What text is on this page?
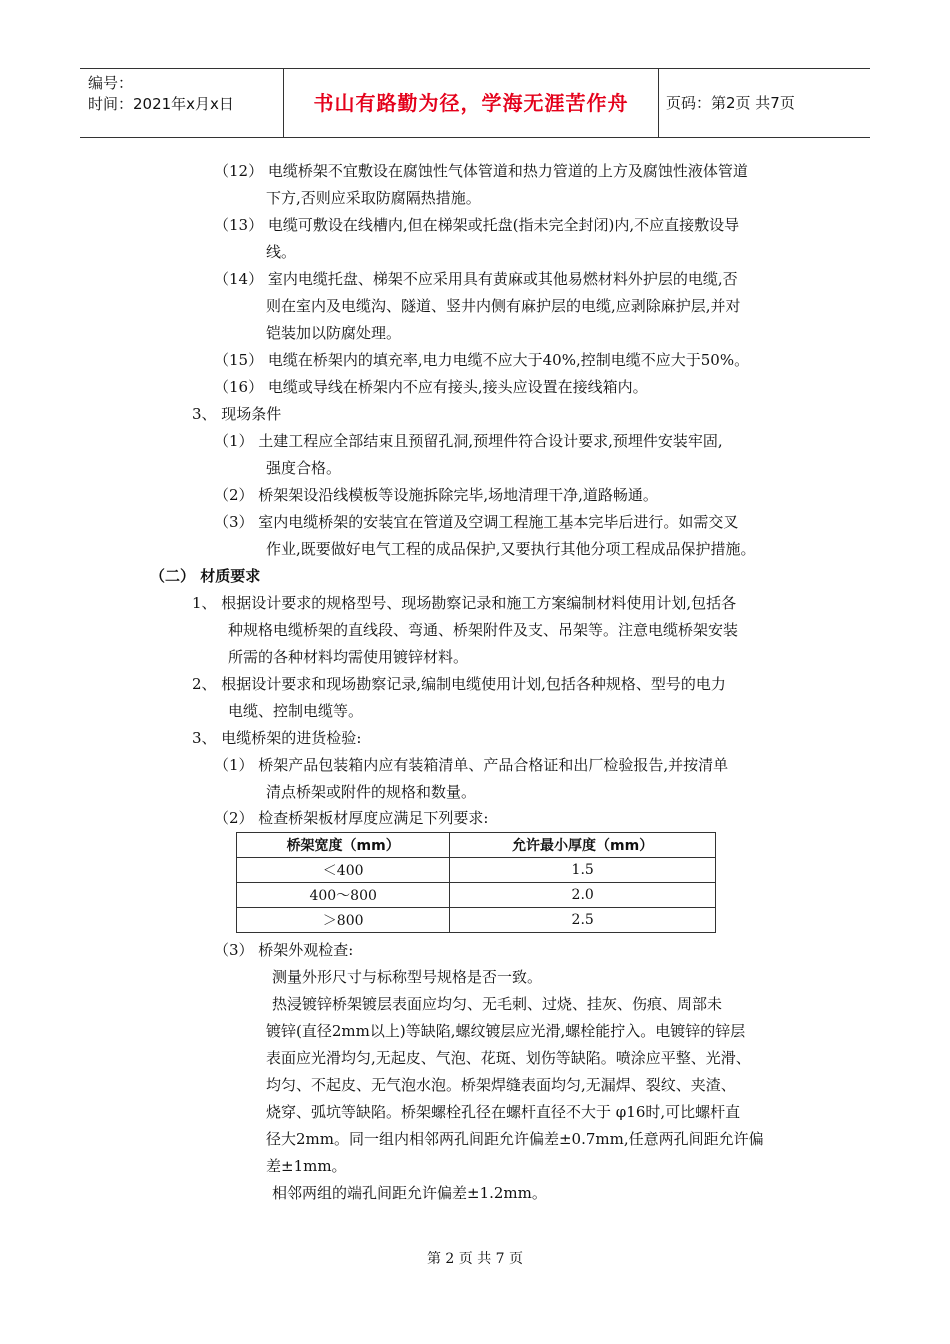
编号：
时间：2021年x月x日	书山有路勤为径，学海无涯苦作舟	页码：第2页 共7页
（12） 电缆桥架不宜敷设在腐蚀性气体管道和热力管道的上方及腐蚀性液体管道
下方,否则应采取防腐隔热措施。
（13） 电缆可敷设在线槽内,但在梯架或托盘(指未完全封闭)内,不应直接敷设导
线。
（14） 室内电缆托盘、梯架不应采用具有黄麻或其他易燃材料外护层的电缆,否
则在室内及电缆沟、隧道、竖井内侧有麻护层的电缆,应剥除麻护层,并对
铠装加以防腐处理。
（15） 电缆在桥架内的填充率,电力电缆不应大于40%,控制电缆不应大于50%。
（16） 电缆或导线在桥架内不应有接头,接头应设置在接线箱内。
3、 现场条件
（1） 土建工程应全部结束且预留孔洞,预埋件符合设计要求,预埋件安装牢固,
强度合格。
（2） 桥架架设沿线模板等设施拆除完毕,场地清理干净,道路畅通。
（3） 室内电缆桥架的安装宜在管道及空调工程施工基本完毕后进行。如需交叉
作业,既要做好电气工程的成品保护,又要执行其他分项工程成品保护措施。
（二） 材质要求
1、 根据设计要求的规格型号、现场勘察记录和施工方案编制材料使用计划,包括各
种规格电缆桥架的直线段、弯通、桥架附件及支、吊架等。注意电缆桥架安装
所需的各种材料均需使用镀锌材料。
2、 根据设计要求和现场勘察记录,编制电缆使用计划,包括各种规格、型号的电力
电缆、控制电缆等。
3、 电缆桥架的进货检验:
（1） 桥架产品包装箱内应有装箱清单、产品合格证和出厂检验报告,并按清单
清点桥架或附件的规格和数量。
（2） 检查桥架板材厚度应满足下列要求:
（3） 桥架外观检查:
测量外形尺寸与标称型号规格是否一致。
热浸镀锌桥架镀层表面应均匀、无毛刺、过烧、挂灰、伤痕、周部未
镀锌(直径2mm以上)等缺陷,螺纹镀层应光滑,螺栓能拧入。电镀锌的锌层
表面应光滑均匀,无起皮、气泡、花斑、划伤等缺陷。喷涂应平整、光滑、
均匀、不起皮、无气泡水泡。桥架焊缝表面均匀,无漏焊、裂纹、夹渣、
烧穿、弧坑等缺陷。桥架螺栓孔径在螺杆直径不大于 φ16时,可比螺杆直
径大2mm。同一组内相邻两孔间距允许偏差±0.7mm,任意两孔间距允许偏
差±1mm。
相邻两组的端孔间距允许偏差±1.2mm。
桥架宽度（mm）	允许最小厚度（mm）
＜400	1.5
400～800	2.0
＞800	2.5
第 2 页 共 7 页
